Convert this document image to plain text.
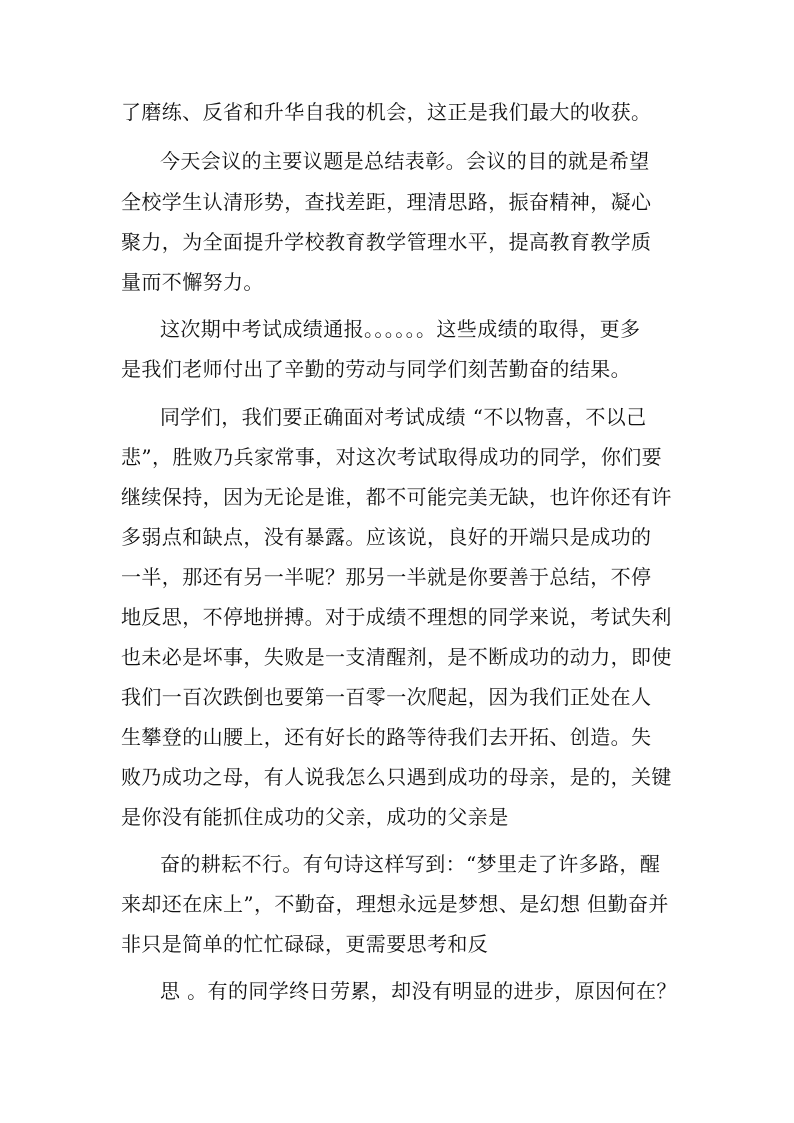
了磨练、反省和升华自我的机会，这正是我们最大的收获。
今天会议的主要议题是总结表彰。会议的目的就是希望
全校学生认清形势，查找差距，理清思路，振奋精神，凝心
聚力，为全面提升学校教育教学管理水平，提高教育教学质
量而不懈努力。
这次期中考试成绩通报。。。。。。这些成绩的取得，更多
是我们老师付出了辛勤的劳动与同学们刻苦勤奋的结果。
同学们，我们要正确面对考试成绩 “不以物喜，不以己
悲”，胜败乃兵家常事，对这次考试取得成功的同学，你们要
继续保持，因为无论是谁，都不可能完美无缺，也许你还有许
多弱点和缺点，没有暴露。应该说，良好的开端只是成功的
一半，那还有另一半呢？那另一半就是你要善于总结，不停
地反思，不停地拼搏。对于成绩不理想的同学来说，考试失利
也未必是坏事，失败是一支清醒剂，是不断成功的动力，即使
我们一百次跌倒也要第一百零一次爬起，因为我们正处在人
生攀登的山腰上，还有好长的路等待我们去开拓、创造。失
败乃成功之母，有人说我怎么只遇到成功的母亲，是的，关键
是你没有能抓住成功的父亲，成功的父亲是
奋的耕耘不行。有句诗这样写到：“梦里走了许多路，醒
来却还在床上”，不勤奋，理想永远是梦想、是幻想 但勤奋并
非只是简单的忙忙碌碌，更需要思考和反
思 。有的同学终日劳累，却没有明显的进步，原因何在？
